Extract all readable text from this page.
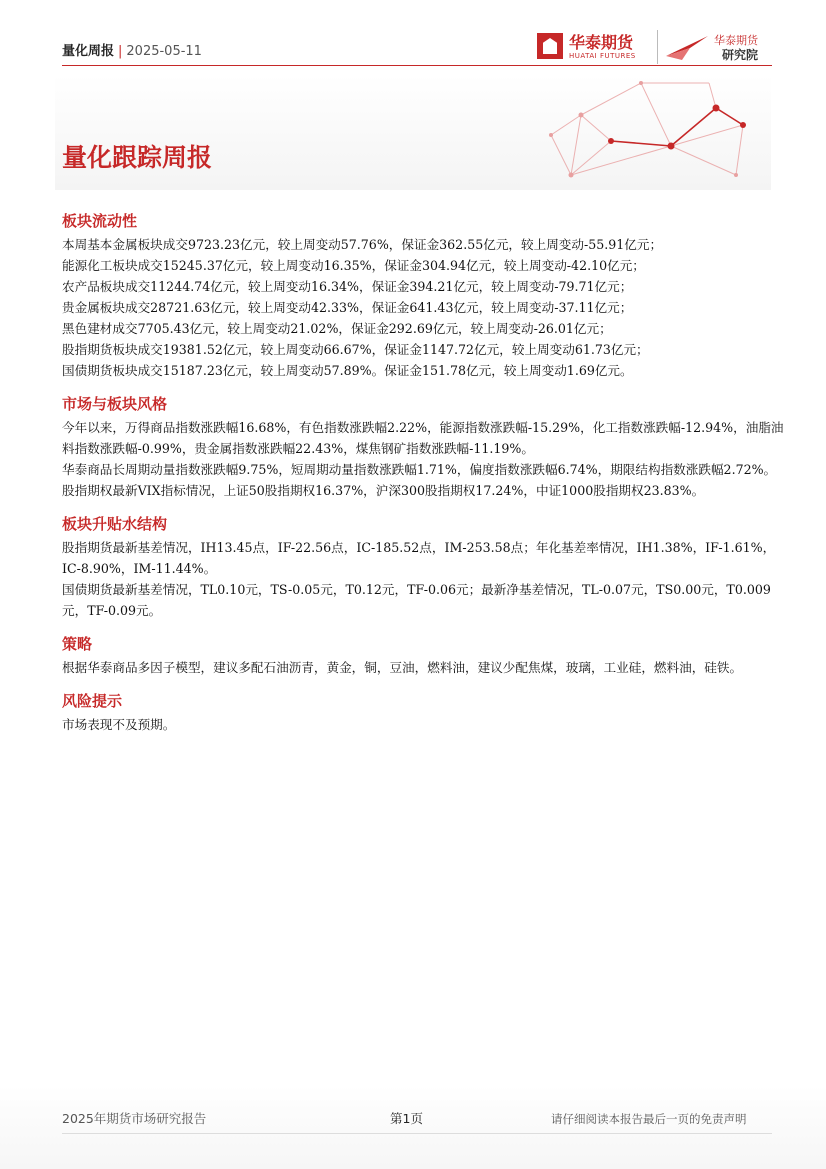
量化周报 | 2025-05-11	华泰期货
HUATAI FUTURES
华泰期货
研究院
量化跟踪周报
板块流动性

本周基本金属板块成交9723.23亿元，较上周变动57.76%，保证金362.55亿元，较上周变动-55.91亿元；

能源化工板块成交15245.37亿元，较上周变动16.35%，保证金304.94亿元，较上周变动-42.10亿元；

农产品板块成交11244.74亿元，较上周变动16.34%，保证金394.21亿元，较上周变动-79.71亿元；

贵金属板块成交28721.63亿元，较上周变动42.33%，保证金641.43亿元，较上周变动-37.11亿元；

黑色建材成交7705.43亿元，较上周变动21.02%，保证金292.69亿元，较上周变动-26.01亿元；

股指期货板块成交19381.52亿元，较上周变动66.67%，保证金1147.72亿元，较上周变动61.73亿元；

国债期货板块成交15187.23亿元，较上周变动57.89%。保证金151.78亿元，较上周变动1.69亿元。

市场与板块风格

今年以来，万得商品指数涨跌幅16.68%，有色指数涨跌幅2.22%，能源指数涨跌幅-15.29%，化工指数涨跌幅-12.94%，油脂油料指数涨跌幅-0.99%，贵金属指数涨跌幅22.43%，煤焦钢矿指数涨跌幅-11.19%。

华泰商品长周期动量指数涨跌幅9.75%，短周期动量指数涨跌幅1.71%，偏度指数涨跌幅6.74%，期限结构指数涨跌幅2.72%。

股指期权最新VIX指标情况，上证50股指期权16.37%，沪深300股指期权17.24%，中证1000股指期权23.83%。

板块升贴水结构

股指期货最新基差情况，IH13.45点，IF-22.56点，IC-185.52点，IM-253.58点；年化基差率情况，IH1.38%，IF-1.61%，IC-8.90%，IM-11.44%。

国债期货最新基差情况，TL0.10元，TS-0.05元，T0.12元，TF-0.06元；最新净基差情况，TL-0.07元，TS0.00元，T0.009元，TF-0.09元。

策略

根据华泰商品多因子模型，建议多配石油沥青，黄金，铜，豆油，燃料油，建议少配焦煤，玻璃，工业硅，燃料油，硅铁。

风险提示

市场表现不及预期。

2025年期货市场研究报告	第1页	请仔细阅读本报告最后一页的免责声明
